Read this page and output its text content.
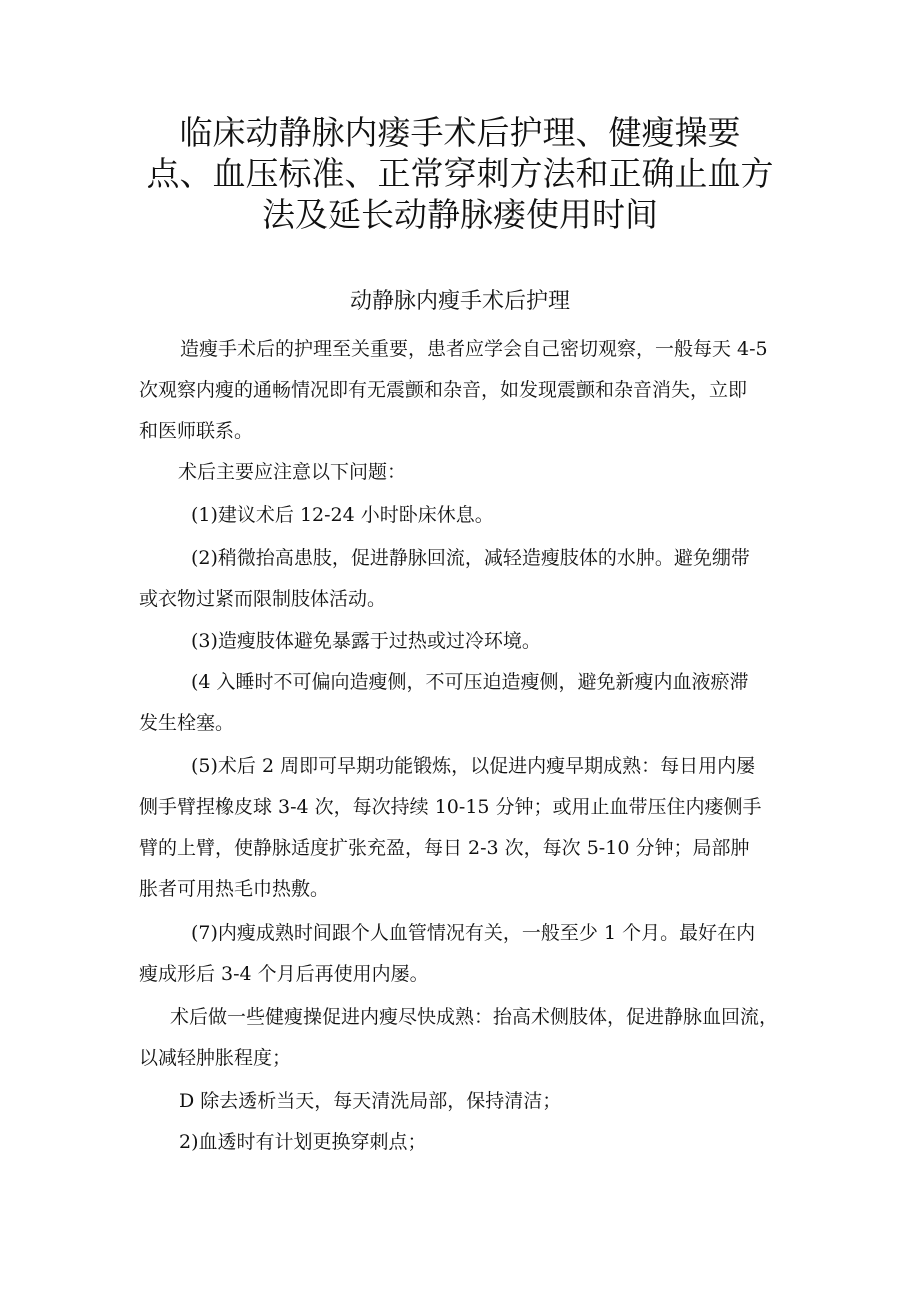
临床动静脉内瘘手术后护理、健瘦操要
点、血压标准、正常穿刺方法和正确止血方
法及延长动静脉瘘使用时间
动静脉内瘦手术后护理

造瘦手术后的护理至关重要，患者应学会自己密切观察，一般每天 4-5
次观察内瘦的通畅情况即有无震颤和杂音，如发现震颤和杂音消失，立即
和医师联系。

术后主要应注意以下问题：

(1)建议术后 12-24 小时卧床休息。

(2)稍微抬高患肢，促进静脉回流，减轻造瘦肢体的水肿。避免绷带
或衣物过紧而限制肢体活动。

(3)造瘦肢体避免暴露于过热或过冷环境。

(4 入睡时不可偏向造瘦侧，不可压迫造瘦侧，避免新瘦内血液瘀滞
发生栓塞。

(5)术后 2 周即可早期功能锻炼，以促进内瘦早期成熟：每日用内屡
侧手臂捏橡皮球 3-4 次，每次持续 10-15 分钟；或用止血带压住内瘘侧手
臂的上臂，使静脉适度扩张充盈，每日 2-3 次，每次 5-10 分钟；局部肿
胀者可用热毛巾热敷。

(7)内瘦成熟时间跟个人血管情况有关，一般至少 1 个月。最好在内
瘦成形后 3-4 个月后再使用内屡。

术后做一些健瘦操促进内瘦尽快成熟：抬高术侧肢体，促进静脉血回流，
以减轻肿胀程度；

D 除去透析当天，每天清洗局部，保持清洁；

2)血透时有计划更换穿刺点；
